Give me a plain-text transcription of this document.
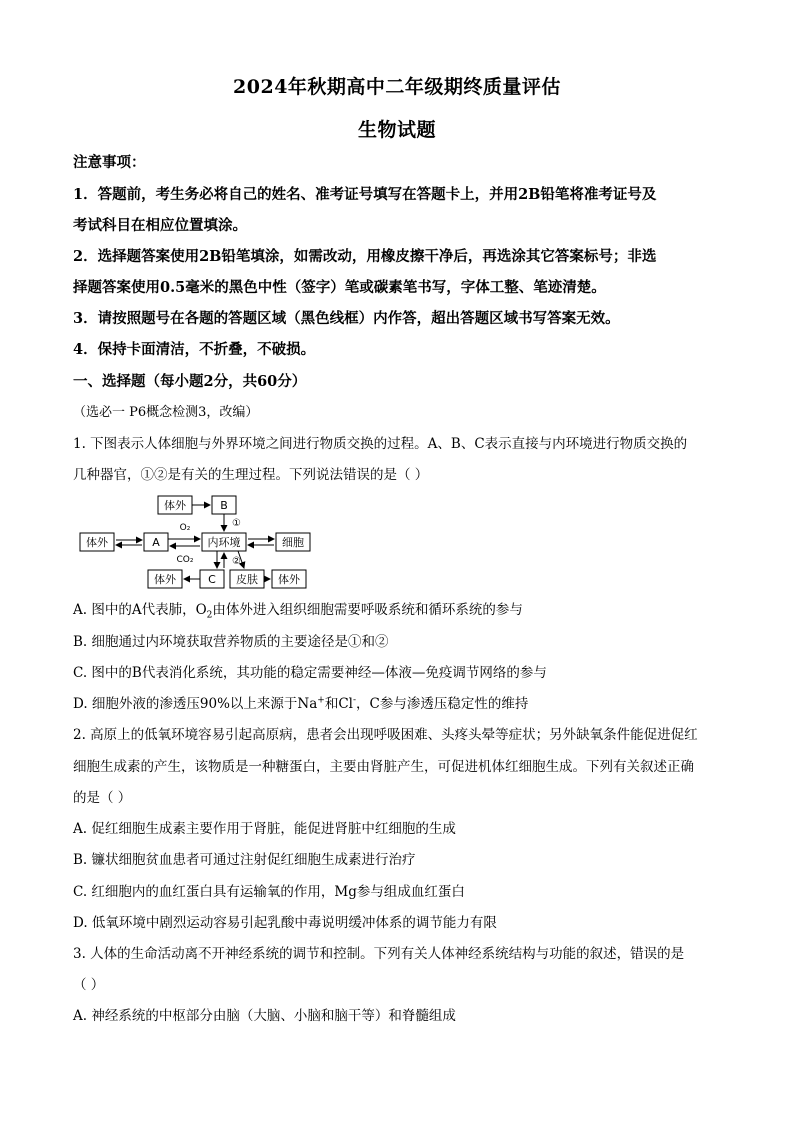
2024年秋期高中二年级期终质量评估
生物试题
注意事项：
1．答题前，考生务必将自己的姓名、准考证号填写在答题卡上，并用2B铅笔将准考证号及
考试科目在相应位置填涂。
2．选择题答案使用2B铅笔填涂，如需改动，用橡皮擦干净后，再选涂其它答案标号；非选
择题答案使用0.5毫米的黑色中性（签字）笔或碳素笔书写，字体工整、笔迹清楚。
3．请按照题号在各题的答题区域（黑色线框）内作答，超出答题区域书写答案无效。
4．保持卡面清洁，不折叠，不破损。
一、选择题（每小题2分，共60分）
（选必一 P6概念检测3，改编）
1. 下图表示人体细胞与外界环境之间进行物质交换的过程。A、B、C表示直接与内环境进行物质交换的
几种器官，①②是有关的生理过程。下列说法错误的是（ ）
体外	B
体外	A	内环境	细胞
体外	C 皮肤 体外
O₂
CO₂
①
②
A. 图中的A代表肺，$O_2$由体外进入组织细胞需要呼吸系统和循环系统的参与
B. 细胞通过内环境获取营养物质的主要途径是①和②
C. 图中的B代表消化系统，其功能的稳定需要神经—体液—免疫调节网络的参与
D. 细胞外液的渗透压90%以上来源于Na+和Cl-，C参与渗透压稳定性的维持
2. 高原上的低氧环境容易引起高原病，患者会出现呼吸困难、头疼头晕等症状；另外缺氧条件能促进促红
细胞生成素的产生，该物质是一种糖蛋白，主要由肾脏产生，可促进机体红细胞生成。下列有关叙述正确
的是（ ）
A. 促红细胞生成素主要作用于肾脏，能促进肾脏中红细胞的生成
B. 镰状细胞贫血患者可通过注射促红细胞生成素进行治疗
C. 红细胞内的血红蛋白具有运输氧的作用，Mg参与组成血红蛋白
D. 低氧环境中剧烈运动容易引起乳酸中毒说明缓冲体系的调节能力有限
3. 人体的生命活动离不开神经系统的调节和控制。下列有关人体神经系统结构与功能的叙述，错误的是
（ ）
A. 神经系统的中枢部分由脑（大脑、小脑和脑干等）和脊髓组成
